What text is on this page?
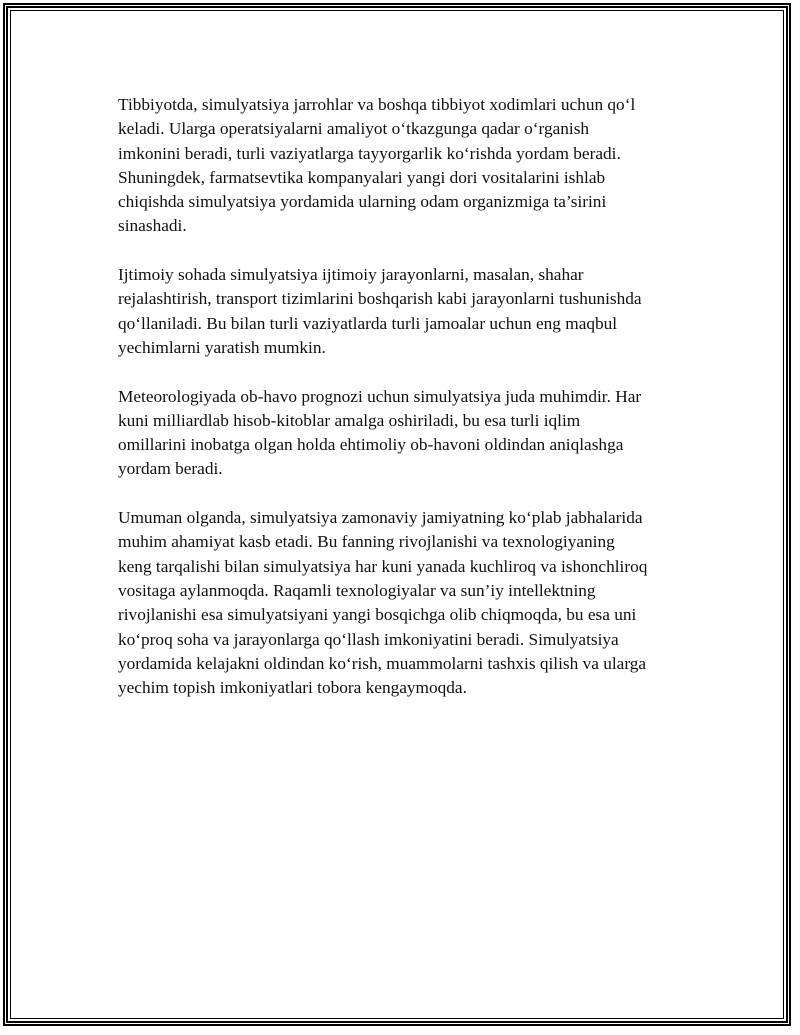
Tibbiyotda, simulyatsiya jarrohlar va boshqa tibbiyot xodimlari uchun qo‘l
keladi. Ularga operatsiyalarni amaliyot o‘tkazgunga qadar o‘rganish
imkonini beradi, turli vaziyatlarga tayyorgarlik ko‘rishda yordam beradi.
Shuningdek, farmatsevtika kompanyalari yangi dori vositalarini ishlab
chiqishda simulyatsiya yordamida ularning odam organizmiga ta’sirini
sinashadi.

Ijtimoiy sohada simulyatsiya ijtimoiy jarayonlarni, masalan, shahar
rejalashtirish, transport tizimlarini boshqarish kabi jarayonlarni tushunishda
qo‘llaniladi. Bu bilan turli vaziyatlarda turli jamoalar uchun eng maqbul
yechimlarni yaratish mumkin.

Meteorologiyada ob-havo prognozi uchun simulyatsiya juda muhimdir. Har
kuni milliardlab hisob-kitoblar amalga oshiriladi, bu esa turli iqlim
omillarini inobatga olgan holda ehtimoliy ob-havoni oldindan aniqlashga
yordam beradi.

Umuman olganda, simulyatsiya zamonaviy jamiyatning ko‘plab jabhalarida
muhim ahamiyat kasb etadi. Bu fanning rivojlanishi va texnologiyaning
keng tarqalishi bilan simulyatsiya har kuni yanada kuchliroq va ishonchliroq
vositaga aylanmoqda. Raqamli texnologiyalar va sun’iy intellektning
rivojlanishi esa simulyatsiyani yangi bosqichga olib chiqmoqda, bu esa uni
ko‘proq soha va jarayonlarga qo‘llash imkoniyatini beradi. Simulyatsiya
yordamida kelajakni oldindan ko‘rish, muammolarni tashxis qilish va ularga
yechim topish imkoniyatlari tobora kengaymoqda.
